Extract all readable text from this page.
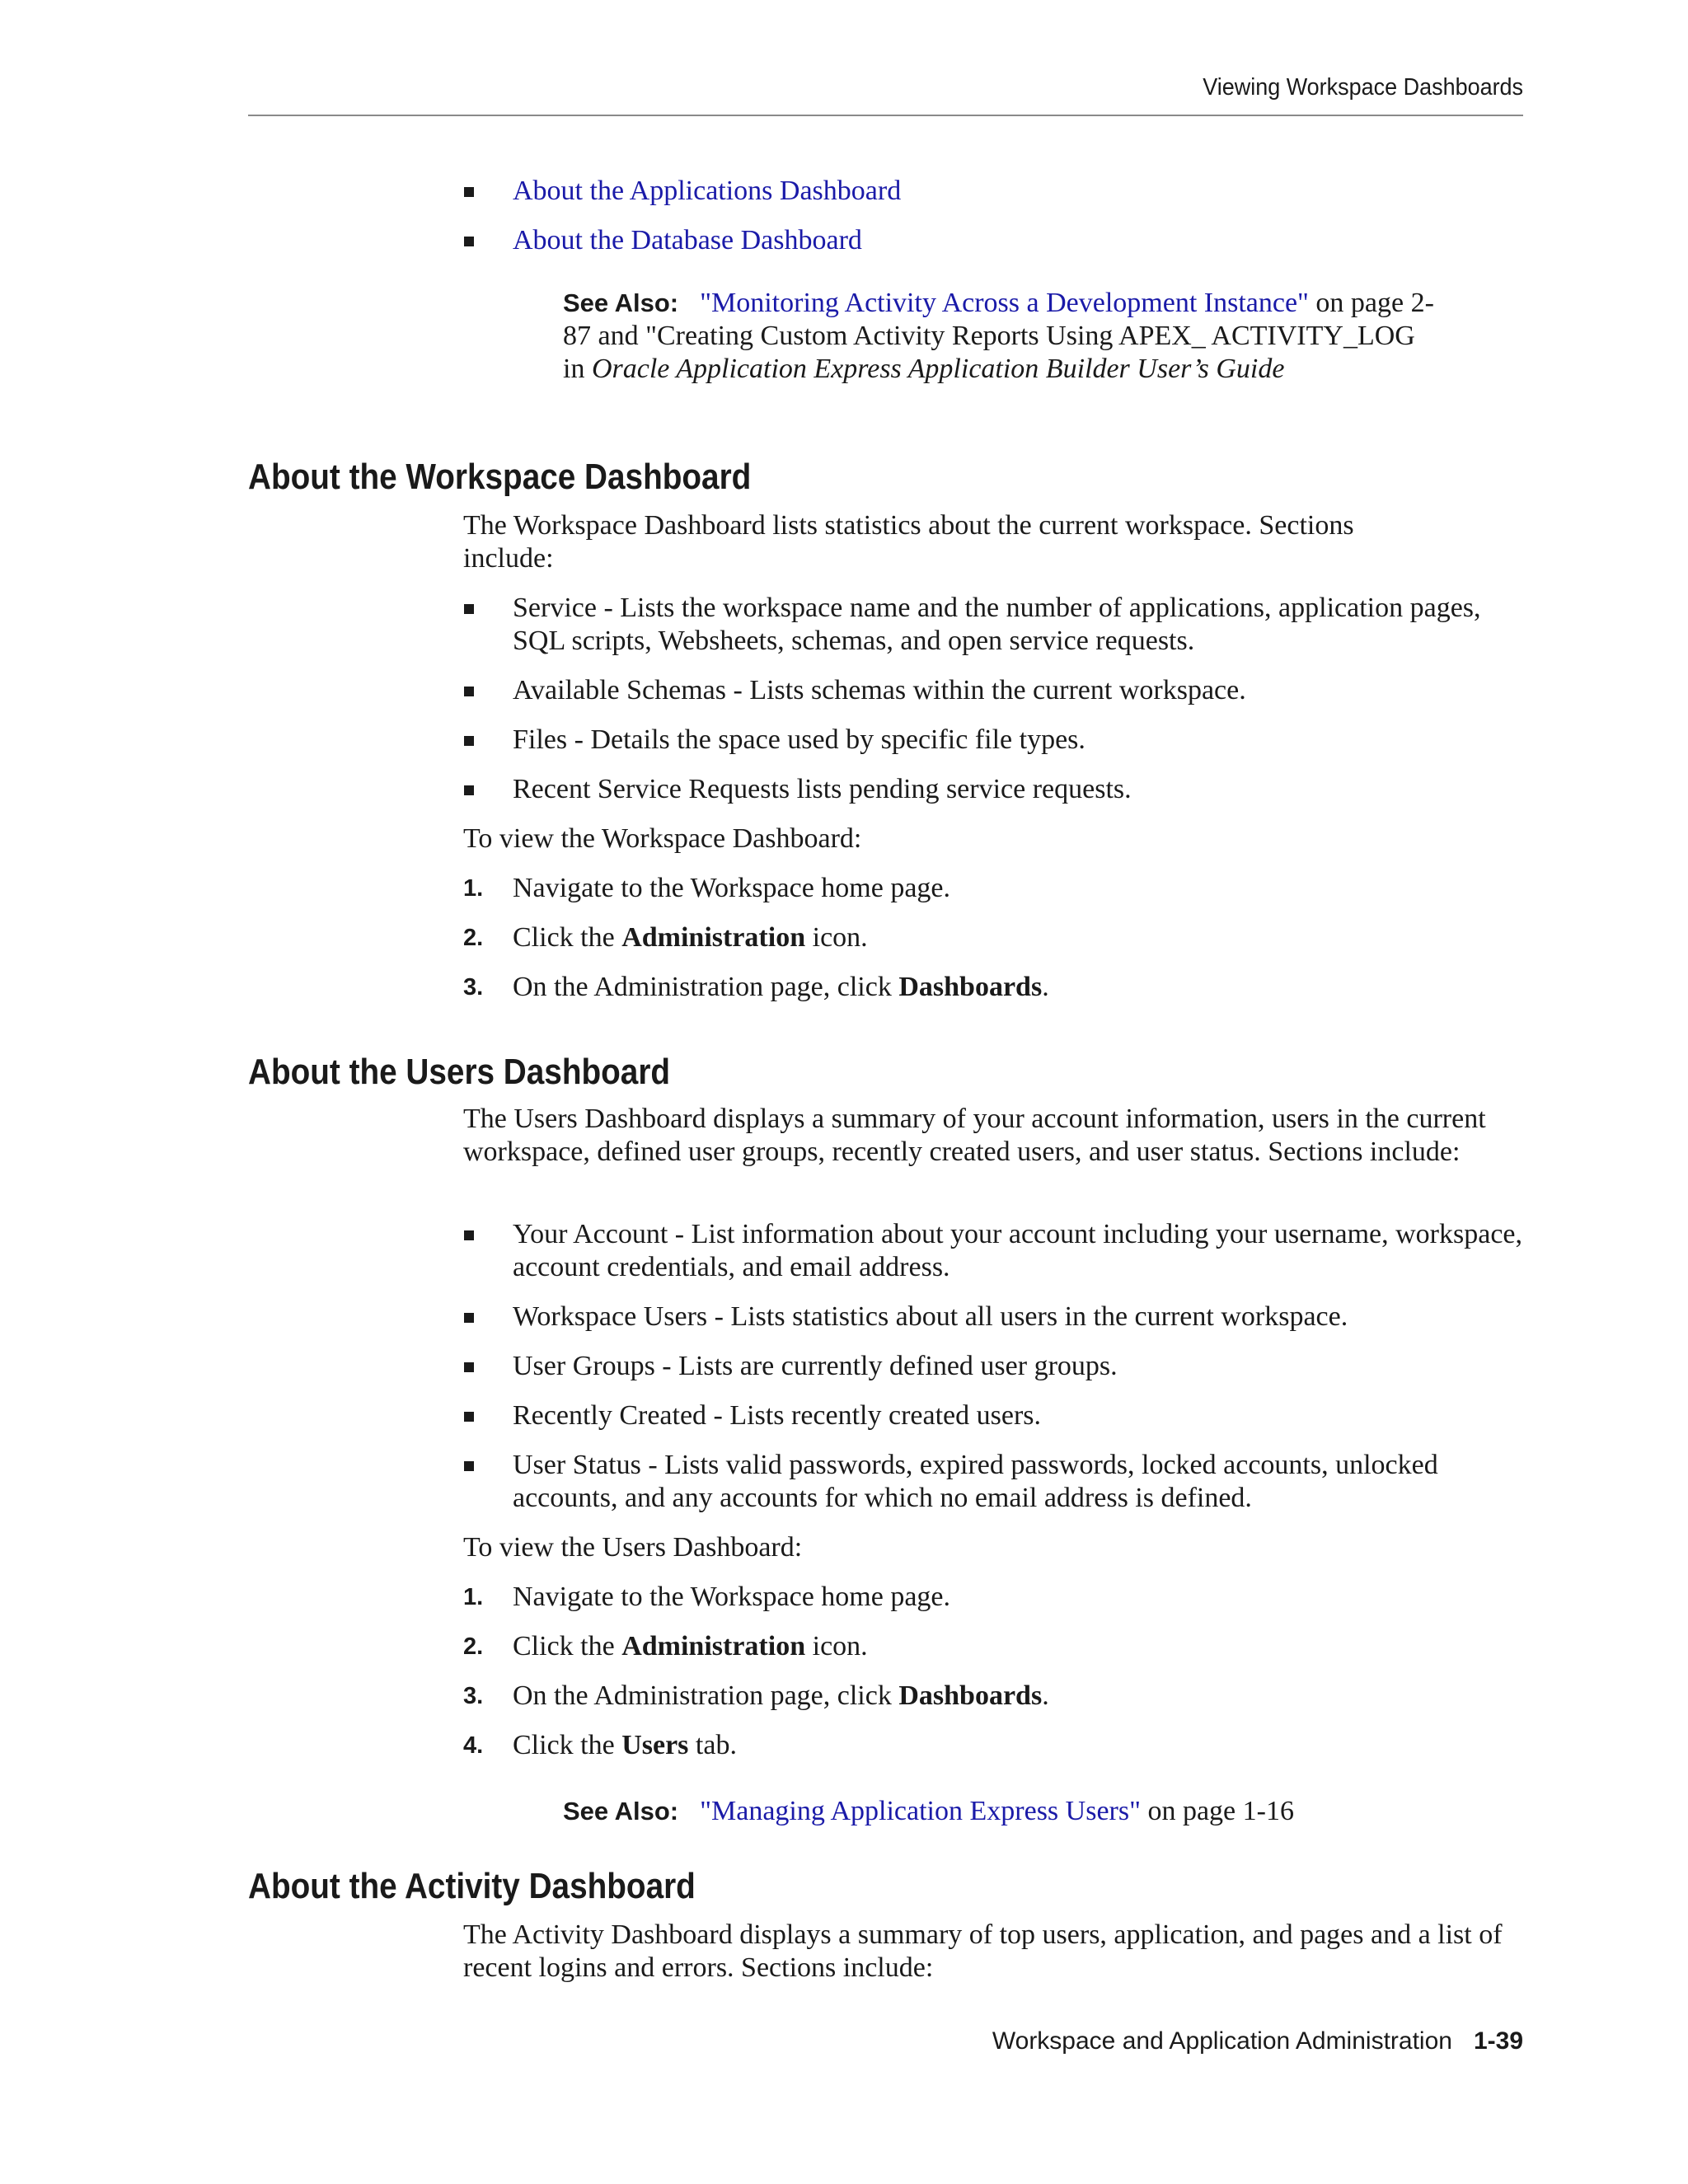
Viewing Workspace Dashboards
About the Applications Dashboard
About the Database Dashboard
See Also: "Monitoring Activity Across a Development Instance" on page 2-87 and "Creating Custom Activity Reports Using APEX_ ACTIVITY_LOG in Oracle Application Express Application Builder User’s Guide
About the Workspace Dashboard
The Workspace Dashboard lists statistics about the current workspace. Sections include:
Service - Lists the workspace name and the number of applications, application pages, SQL scripts, Websheets, schemas, and open service requests.
Available Schemas - Lists schemas within the current workspace.
Files - Details the space used by specific file types.
Recent Service Requests lists pending service requests.
To view the Workspace Dashboard:
1. Navigate to the Workspace home page.
2. Click the Administration icon.
3. On the Administration page, click Dashboards.
About the Users Dashboard
The Users Dashboard displays a summary of your account information, users in the current workspace, defined user groups, recently created users, and user status. Sections include:
Your Account - List information about your account including your username, workspace, account credentials, and email address.
Workspace Users - Lists statistics about all users in the current workspace.
User Groups - Lists are currently defined user groups.
Recently Created - Lists recently created users.
User Status - Lists valid passwords, expired passwords, locked accounts, unlocked accounts, and any accounts for which no email address is defined.
To view the Users Dashboard:
1. Navigate to the Workspace home page.
2. Click the Administration icon.
3. On the Administration page, click Dashboards.
4. Click the Users tab.
See Also: "Managing Application Express Users" on page 1-16
About the Activity Dashboard
The Activity Dashboard displays a summary of top users, application, and pages and a list of recent logins and errors. Sections include:
Workspace and Application Administration 1-39
